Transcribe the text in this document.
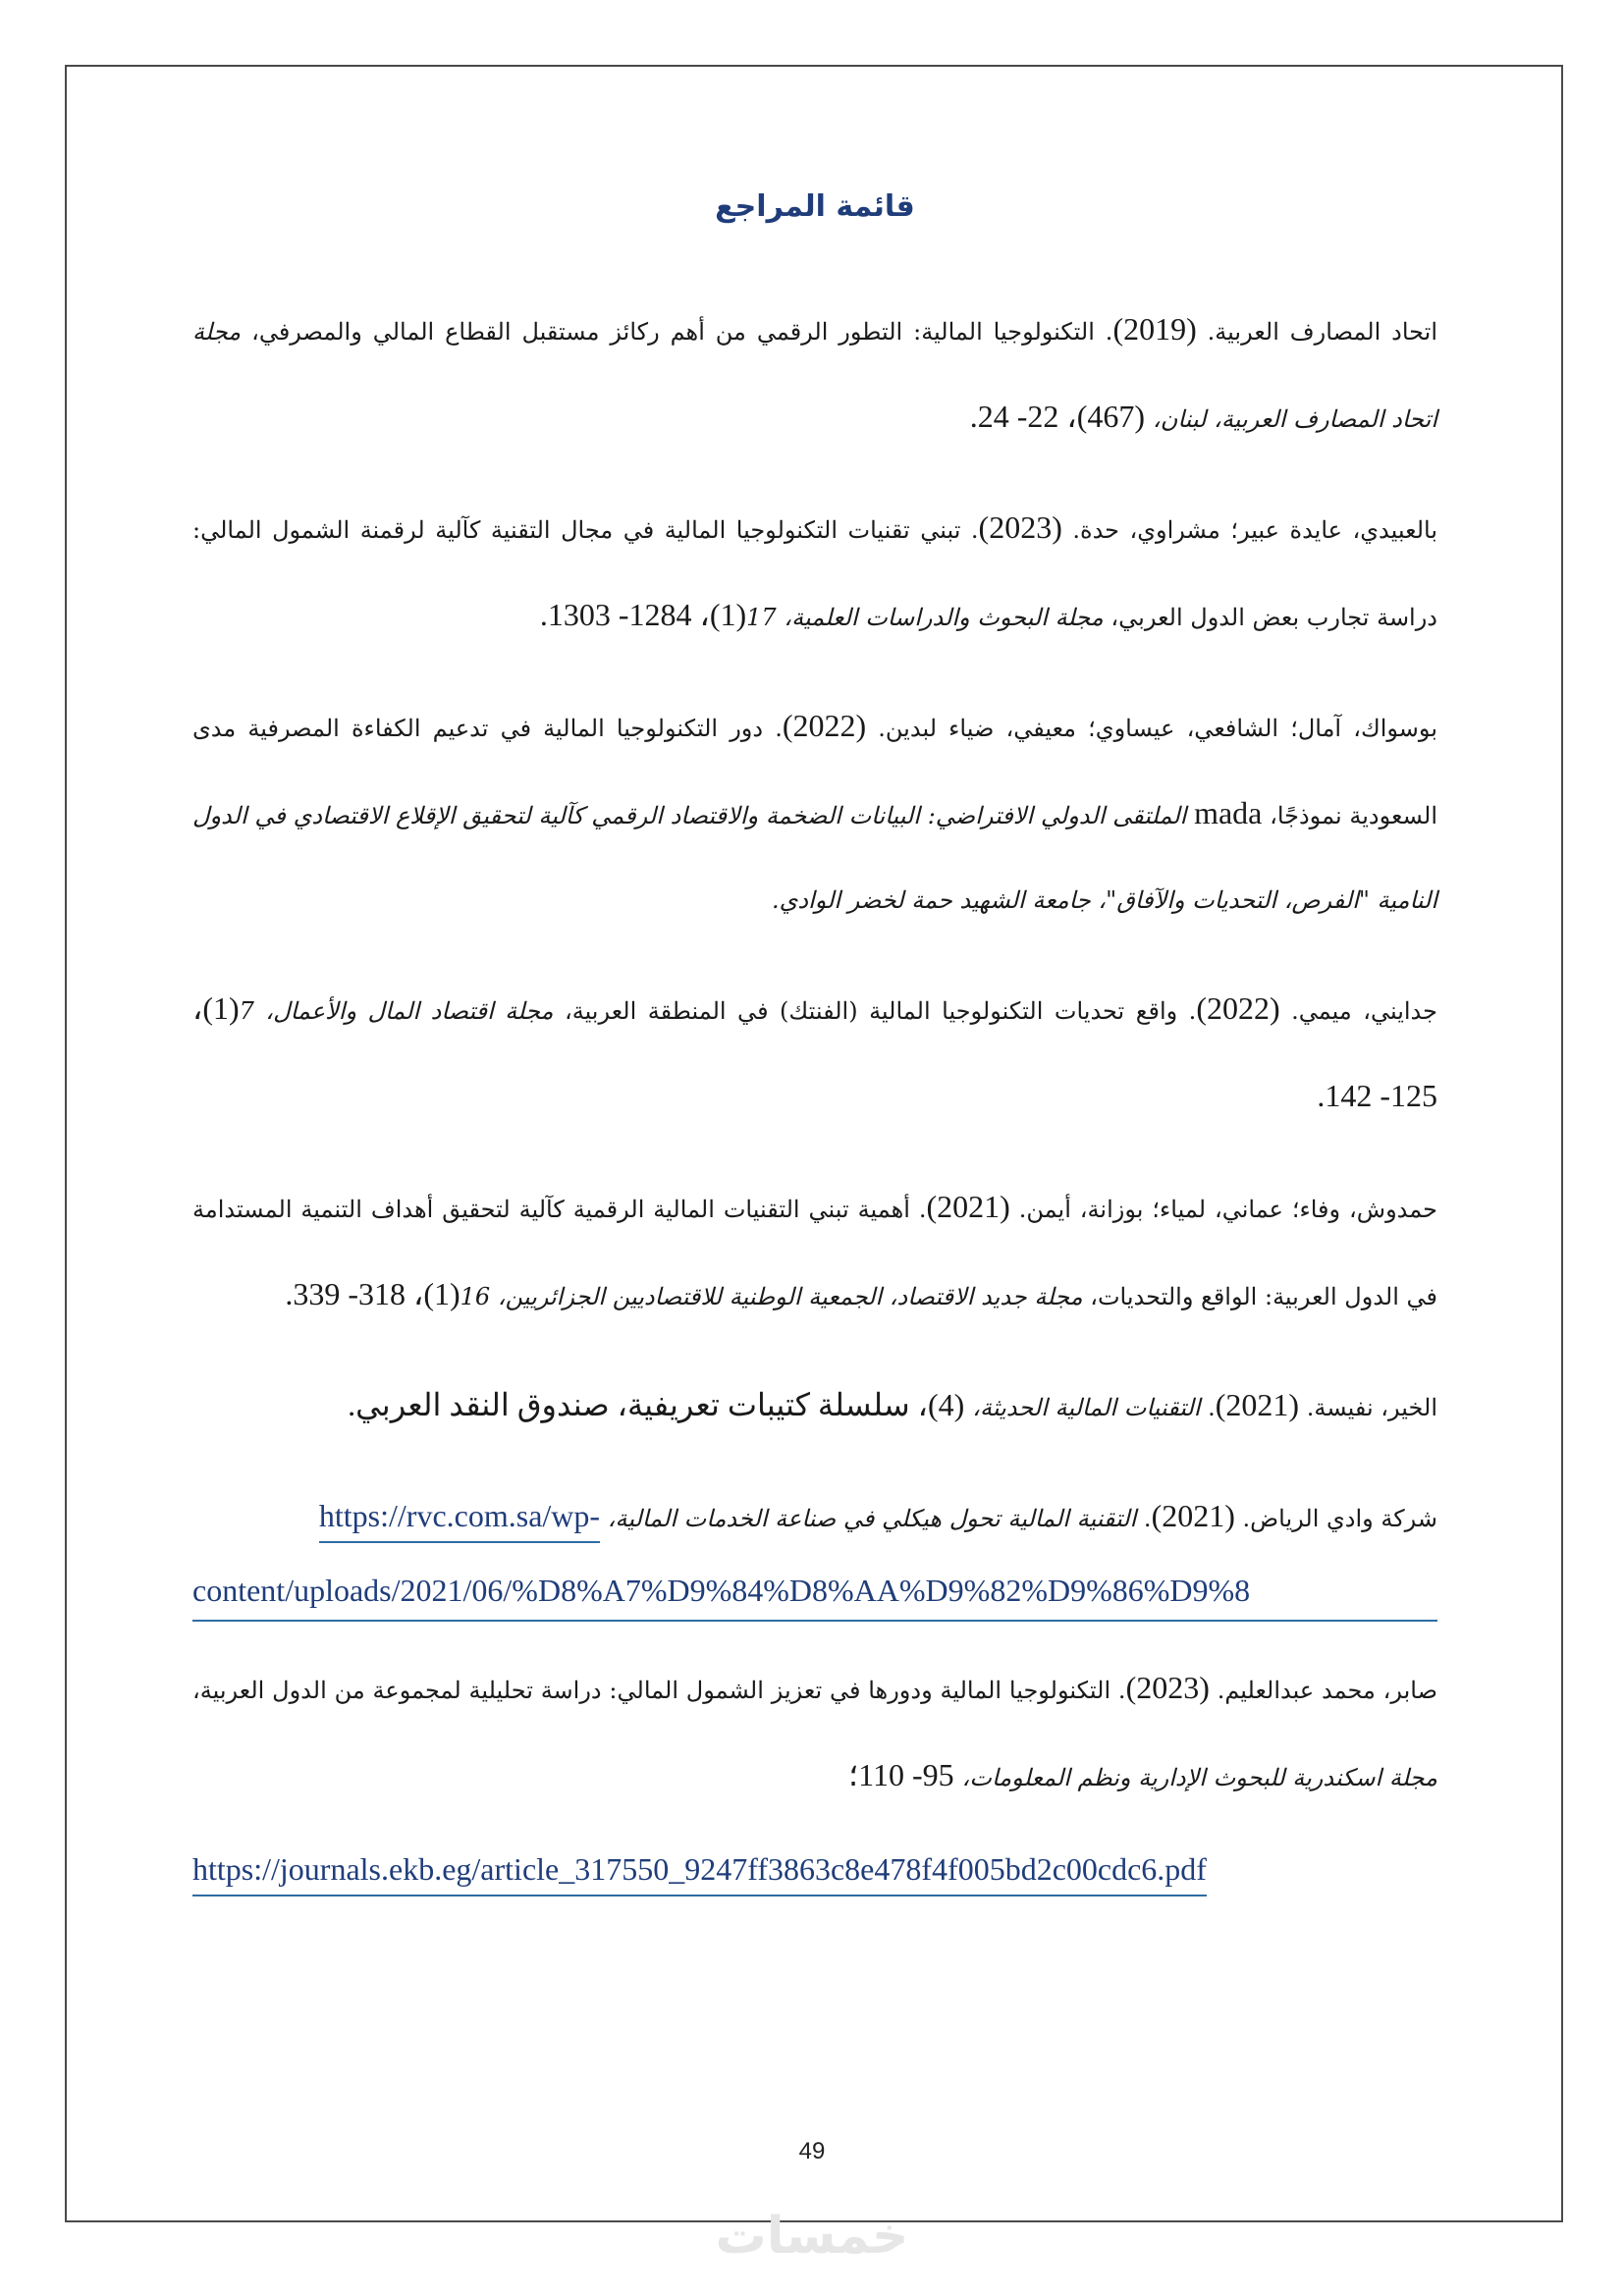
قائمة المراجع

اتحاد المصارف العربية. (2019). التكنولوجيا المالية: التطور الرقمي من أهم ركائز مستقبل القطاع المالي والمصرفي، مجلة اتحاد المصارف العربية، لبنان، (467)، 22- 24.

بالعبيدي، عايدة عبير؛ مشراوي، حدة. (2023). تبني تقنيات التكنولوجيا المالية في مجال التقنية كآلية لرقمنة الشمول المالي: دراسة تجارب بعض الدول العربي، مجلة البحوث والدراسات العلمية، 17(1)، 1284- 1303.

بوسواك، آمال؛ الشافعي، عيساوي؛ معيفي، ضياء لبدين. (2022). دور التكنولوجيا المالية في تدعيم الكفاءة المصرفية مدى السعودية نموذجًا، mada الملتقى الدولي الافتراضي: البيانات الضخمة والاقتصاد الرقمي كآلية لتحقيق الإقلاع الاقتصادي في الدول النامية "الفرص، التحديات والآفاق"، جامعة الشهيد حمة لخضر الوادي.

جدايني، ميمي. (2022). واقع تحديات التكنولوجيا المالية (الفنتك) في المنطقة العربية، مجلة اقتصاد المال والأعمال، 7(1)، 125- 142.

حمدوش، وفاء؛ عماني، لمياء؛ بوزانة، أيمن. (2021). أهمية تبني التقنيات المالية الرقمية كآلية لتحقيق أهداف التنمية المستدامة في الدول العربية: الواقع والتحديات، مجلة جديد الاقتصاد، الجمعية الوطنية للاقتصاديين الجزائريين، 16(1)، 318- 339.

الخير، نفيسة. (2021). التقنيات المالية الحديثة، (4)، سلسلة كتيبات تعريفية، صندوق النقد العربي.

شركة وادي الرياض. (2021). التقنية المالية تحول هيكلي في صناعة الخدمات المالية، https://rvc.com.sa/wp-
content/uploads/2021/06/%D8%A7%D9%84%D8%AA%D9%82%D9%86%D9%8
صابر، محمد عبدالعليم. (2023). التكنولوجيا المالية ودورها في تعزيز الشمول المالي: دراسة تحليلية لمجموعة من الدول العربية، مجلة اسكندرية للبحوث الإدارية ونظم المعلومات، 95- 110؛
https://journals.ekb.eg/article_317550_9247ff3863c8e478f4f005bd2c00cdc6.pdf
49
خمسات
